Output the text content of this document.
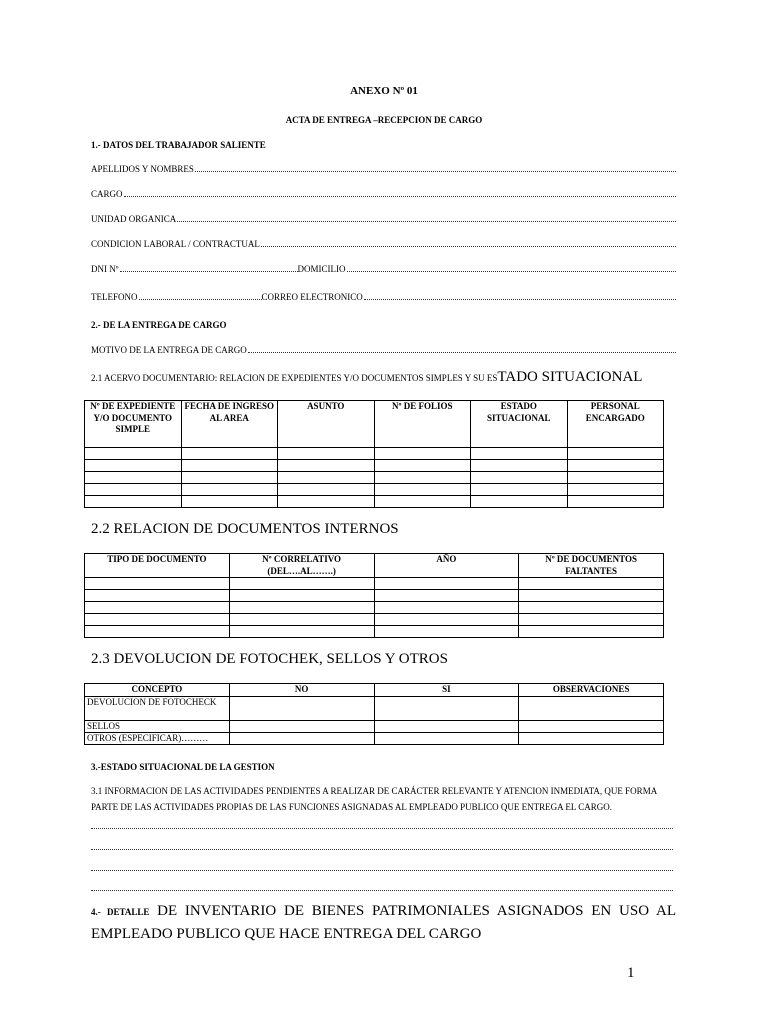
ANEXO Nº 01
ACTA DE ENTREGA –RECEPCION DE CARGO
1.- DATOS DEL TRABAJADOR SALIENTE
APELLIDOS Y NOMBRES
CARGO
UNIDAD ORGANICA
CONDICION LABORAL / CONTRACTUAL
DNI Nº	DOMICILIO
TELEFONO	CORREO ELECTRONICO
2.- DE LA ENTREGA DE CARGO
MOTIVO DE LA ENTREGA DE CARGO
2.1 ACERVO DOCUMENTARIO: RELACION DE EXPEDIENTES Y/O DOCUMENTOS SIMPLES Y SU ESTADO SITUACIONAL
Nº DE EXPEDIENTE Y/O DOCUMENTO SIMPLE	FECHA DE INGRESO AL AREA	ASUNTO	Nº DE FOLIOS	ESTADO SITUACIONAL	PERSONAL ENCARGADO

2.2 RELACION DE DOCUMENTOS INTERNOS
TIPO DE DOCUMENTO	Nº CORRELATIVO (DEL….AL…….)	AÑO	Nº DE DOCUMENTOS FALTANTES

2.3 DEVOLUCION DE FOTOCHEK, SELLOS Y OTROS
CONCEPTO	NO	SI	OBSERVACIONES
DEVOLUCION DE FOTOCHECK			
SELLOS			
OTROS (ESPECIFICAR)………			
3.-ESTADO SITUACIONAL DE LA GESTION
3.1 INFORMACION DE LAS ACTIVIDADES PENDIENTES A REALIZAR DE CARÁCTER RELEVANTE Y ATENCION INMEDIATA, QUE FORMA PARTE DE LAS ACTIVIDADES PROPIAS DE LAS FUNCIONES ASIGNADAS AL EMPLEADO PUBLICO QUE ENTREGA EL CARGO.
4.- DETALLE DE INVENTARIO DE BIENES PATRIMONIALES ASIGNADOS EN USO AL EMPLEADO PUBLICO QUE HACE ENTREGA DEL CARGO
1
